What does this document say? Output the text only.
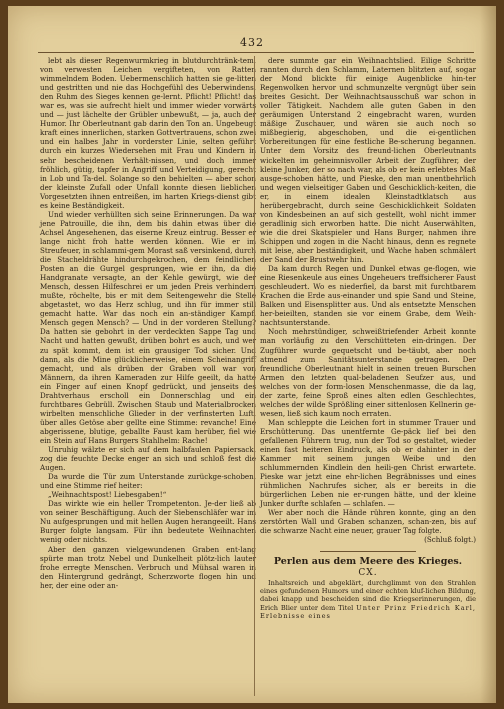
432

lebt als dieser Regenwurmkrieg in blutdurchtränk-tem, von verwesten Leichen vergifteten, von Ratten wimmelndem Boden. Uebermenschlich hatten sie ge-litten und gestritten und nie das Hochgefühl des Ueberwindens, den Ruhm des Sieges kennen ge-lernt. Pflicht! Pflicht! das war es, was sie aufrecht hielt und immer wieder vorwärts und — just lächelte der Grübler unbewußt, — ja, auch der Humor. Ihr Oberleutnant gab darin den Ton an. Ungebeugt kraft eines innerlichen, starken Gottvertrauens, schon zwei und ein halbes Jahr in vorderster Linie, selten geführt durch ein kurzes Wiedersehen mit Frau und Kindern in sehr bescheidenen Verhält-nissen, und doch immer fröhlich, gütig, tapfer in Angriff und Verteidigung, gerecht in Lob und Ta-del. Solange so den behielten — aber schon der kleinste Zufall oder Unfall konnte diesen lieblichen Vorgesetzten ihnen entreißen, im harten Kriegs-dienst gibt es keine Beständigkeit.

Und wieder verhüllten sich seine Erinnerungen. Da war jene Patrouille, die ihn, dem bis dahin etwas über die Achsel Angesehenen, das eiserne Kreuz eintrug. Besser er lange nicht froh hatte werden können. Wie er im Streufeuer, in schlammi-gem Morast saß versinkend, durch die Stacheldrähte hindurchgekrochen, dem feindlichen Posten an die Gurgel gesprungen, wie er ihn, da die Handgranate versagte, an der Kehle gewürgt, wie der Mensch, dessen Hilfeschrei er um jeden Preis verhindern mußte, röchelte, bis er mit dem Seitengewehr die Stelle abgetastet, wo das Herz schlug, und ihn für immer still gemacht hatte. War das noch ein an-ständiger Kampf, Mensch gegen Mensch? — Und in der vorderen Stellung? Da hatten sie gebohrt in der verdeckten Sappe Tag und Nacht und hatten gewußt, drüben bohrt es auch, und wer zu spät kommt, dem ist ein grausiger Tod sicher. Und dann, als die Mine glücklicherweise, einem Scheinangriff gemacht, und als drüben der Graben voll war von Männern, da ihren Kameraden zur Hilfe geeilt, da hatte ein Finger auf einen Knopf gedrückt, und jenseits des Drahtverhaus erscholl ein Donnerschlag und ein furchtbares Gebrüll. Zwischen Staub und Materialbrocken wirbelten menschliche Glieder in der verfinsterten Luft, über alles Getöse aber gellte eine Stimme: revanche! Eine abgerissene, blutige, geballte Faust kam herüber, fiel wie ein Stein auf Hans Burgers Stahlhelm: Rache!

Unruhig wälzte er sich auf dem halbfaulen Papiersack, zog die feuchte Decke enger an sich und schloß fest die Augen.

Da wurde die Tür zum Unterstande zurückge-schoben, und eine Stimme rief heiter:

„Weihnachtspost! Liebesgaben!“

Das wirkte wie ein heller Trompetenton. Je-der ließ ab von seiner Beschäftigung. Auch der Siebenschläfer war im Nu aufgesprungen und mit hellen Augen herangeeilt. Hans Burger folgte langsam. Für ihn bedeutete Weihnachten wenig oder nichts.

Aber den ganzen vielgewundenen Graben ent-lang spürte man trotz Nebel und Dunkelheit plötz-lich lauter frohe erregte Menschen. Verbruch und Mühsal waren in den Hintergrund gedrängt, Scherzworte flogen hin und her, der eine oder an-

dere summte gar ein Weihnachtslied. Eilige Schritte rannten durch den Schlamm, Laternen blitzten auf, sogar der Mond blickte für einige Augenblicke hin-ter Regenwolken hervor und schmunzelte vergnügt über sein breites Gesicht. Der Weihnachtsausschuß war schon in voller Tätigkeit. Nachdem alle guten Gaben in den geräumigen Unterstand 2 eingebracht waren, wurden mäßige Zuschauer, und wären sie auch noch so mißbegierig, abgeschoben, und die ei-gentlichen Vorbereitungen für eine festliche Be-scherung begannen. Unter dem Vorsitz des freund-lichen Oberleutnants wickelten im geheimnisvoller Arbeit der Zugführer, der kleine Junker, der so nach war, als ob er kein erlebtes Maß ausge-schoben hätte, und Pieske, den man unentbehrlich und wegen vielseitiger Gaben und Geschicklich-keiten, die er, in einem idealen Kleinstadtklatsch aus herübergebracht, durch seine Geschicklichkeit Soldaten von Kindesbeinen an auf sich gestellt, wohl nicht immer geradlinig sich erworben hatte. Die nicht Auserwählten, wie die drei Skatspieler und Hans Burger, nahmen ihre Schippen und zogen in die Nacht hinaus, denn es regnete mit leise, aber beständigkeit, und Wache haben schmälert der Sand der Brustwehr hin.

Da kam durch Regen und Dunkel etwas ge-flogen, wie eine Riesenkeule aus eines Ungeheuers treffsicherer Faust geschleudert. Wo es niederfiel, da barst mit furchtbarem Krachen die Erde aus-einander und spie Sand und Steine, Balken und Eisensplitter aus. Und als entsetzte Menschen her-beieilten, standen sie vor einem Grabe, dem Weih-nachtsunterstande.

Noch mehrstündiger, schweißtriefender Arbeit konnte man vorläufig zu den Verschütteten ein-dringen. Der Zugführer wurde gequetscht und be-täubt, aber noch atmend zum Sanitätsunterstande getragen. Der freundliche Oberleutnant hielt in seinen treuen Burschen Armen den letzten qual-beladenen Seufzer aus, und welches von der form-losen Menschenmasse, die da lag, der zarte, feine Sproß eines alten edlen Geschlechtes, welches der wilde Sprößling einer sittenlosen Kellnerin ge-wesen, ließ sich kaum noch erraten.

Man schleppte die Leichen fort in stummer Trauer und Erschütterung. Das unentfernte Ge-päck lief bei den gefallenen Führern trug, nun der Tod so gestaltet, wieder einen fast heiteren Eindruck, als ob er dahinter in der Kammer mit seinem jungen Weibe und den schlummernden Kindlein den heili-gen Christ erwartete. Pieske war jetzt eine ehr-lichen Begräbnisses und eines rühmlichen Nachrufes sicher, als er bereits in die bürgerlichen Leben nie er-rungen hätte, und der kleine Junker durfte schlafen — schlafen. —

Wer aber noch die Hände rühren konnte, ging an den zerstörten Wall und Graben schanzen, schan-zen, bis auf die schwarze Nacht eine neuer, grauer Tag folgte.

(Schluß folgt.)
Perlen aus dem Meere des Krieges.
CX.

Inhaltsreich und abgeklärt, durchglimmt von den Strahlen eines gefundenen Humors und einer echten kluf-lichen Bildung, dabei knapp und bescheiden sind die Kriegserinnerungen, die Erich Blier unter dem Titel Unter Prinz Friedrich Karl, Erlebnisse eines
